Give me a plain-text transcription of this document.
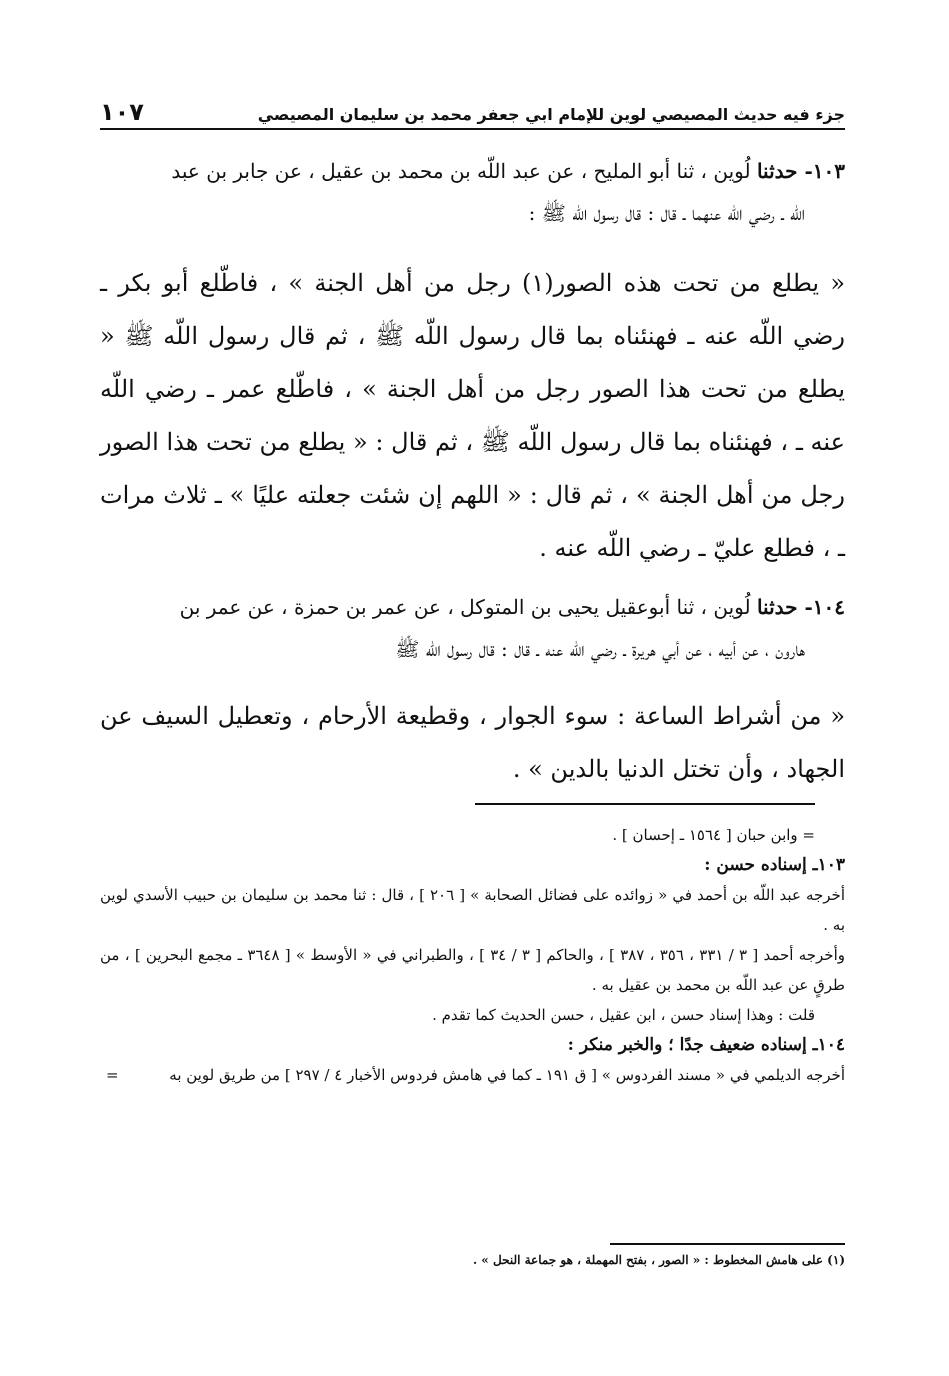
جزء فيه حديث المصيصي لوين للإمام ابي جعفر محمد بن سليمان المصيصي
١٠٧
١٠٣- حدثنا لُوين ، ثنا أبو المليح ، عن عبد اللّه بن محمد بن عقيل ، عن جابر بن عبد
اللّه ـ رضي اللّه عنهما ـ قال : قال رسول اللّه ﷺ :
« يطلع من تحت هذه الصور(١) رجل من أهل الجنة » ، فاطّلع أبو بكر ـ رضي اللّه عنه ـ فهنئناه بما قال رسول اللّه ﷺ ، ثم قال رسول اللّه ﷺ « يطلع من تحت هذا الصور رجل من أهل الجنة » ، فاطّلع عمر ـ رضي اللّه عنه ـ ، فهنئناه بما قال رسول اللّه ﷺ ، ثم قال : « يطلع من تحت هذا الصور رجل من أهل الجنة » ، ثم قال : « اللهم إن شئت جعلته عليًا » ـ ثلاث مرات ـ ، فطلع عليّ ـ رضي اللّه عنه .
١٠٤- حدثنا لُوين ، ثنا أبوعقيل يحيى بن المتوكل ، عن عمر بن حمزة ، عن عمر بن
هارون ، عن أبيه ، عن أبي هريرة ـ رضي اللّه عنه ـ قال : قال رسول اللّه ﷺ
« من أشراط الساعة : سوء الجوار ، وقطيعة الأرحام ، وتعطيل السيف عن الجهاد ، وأن تختل الدنيا بالدين » .
= وابن حبان [ ١٥٦٤ ـ إحسان ] .
١٠٣ـ إسناده حسن :
أخرجه عبد اللّه بن أحمد في « زوائده على فضائل الصحابة » [ ٢٠٦ ] ، قال : ثنا محمد بن سليمان بن حبيب الأسدي لوين به .
وأخرجه أحمد [ ٣ / ٣٣١ ، ٣٥٦ ، ٣٨٧ ] ، والحاكم [ ٣ / ٣٤ ] ، والطبراني في « الأوسط » [ ٣٦٤٨ ـ مجمع البحرين ] ، من طرقٍ عن عبد اللّه بن محمد بن عقيل به .
قلت : وهذا إسناد حسن ، ابن عقيل ، حسن الحديث كما تقدم .
١٠٤ـ إسناده ضعيف جدًا ؛ والخبر منكر :
أخرجه الديلمي في « مسند الفردوس » [ ق ١٩١ ـ كما في هامش فردوس الأخبار ٤ / ٢٩٧ ] من طريق لوين به
=
(١) على هامش المخطوط : « الصور ، بفتح المهملة ، هو جماعة النحل » .
